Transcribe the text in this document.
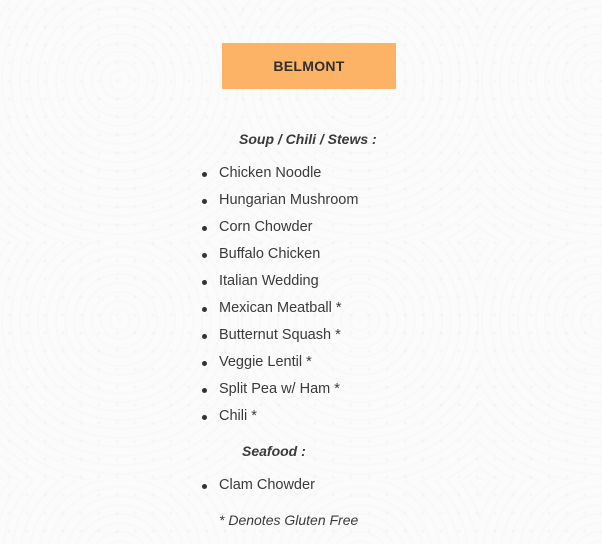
BELMONT
Soup / Chili / Stews :
Chicken Noodle
Hungarian Mushroom
Corn Chowder
Buffalo Chicken
Italian Wedding
Mexican Meatball *
Butternut Squash *
Veggie Lentil *
Split Pea w/ Ham *
Chili *
Seafood :
Clam Chowder
* Denotes Gluten Free
